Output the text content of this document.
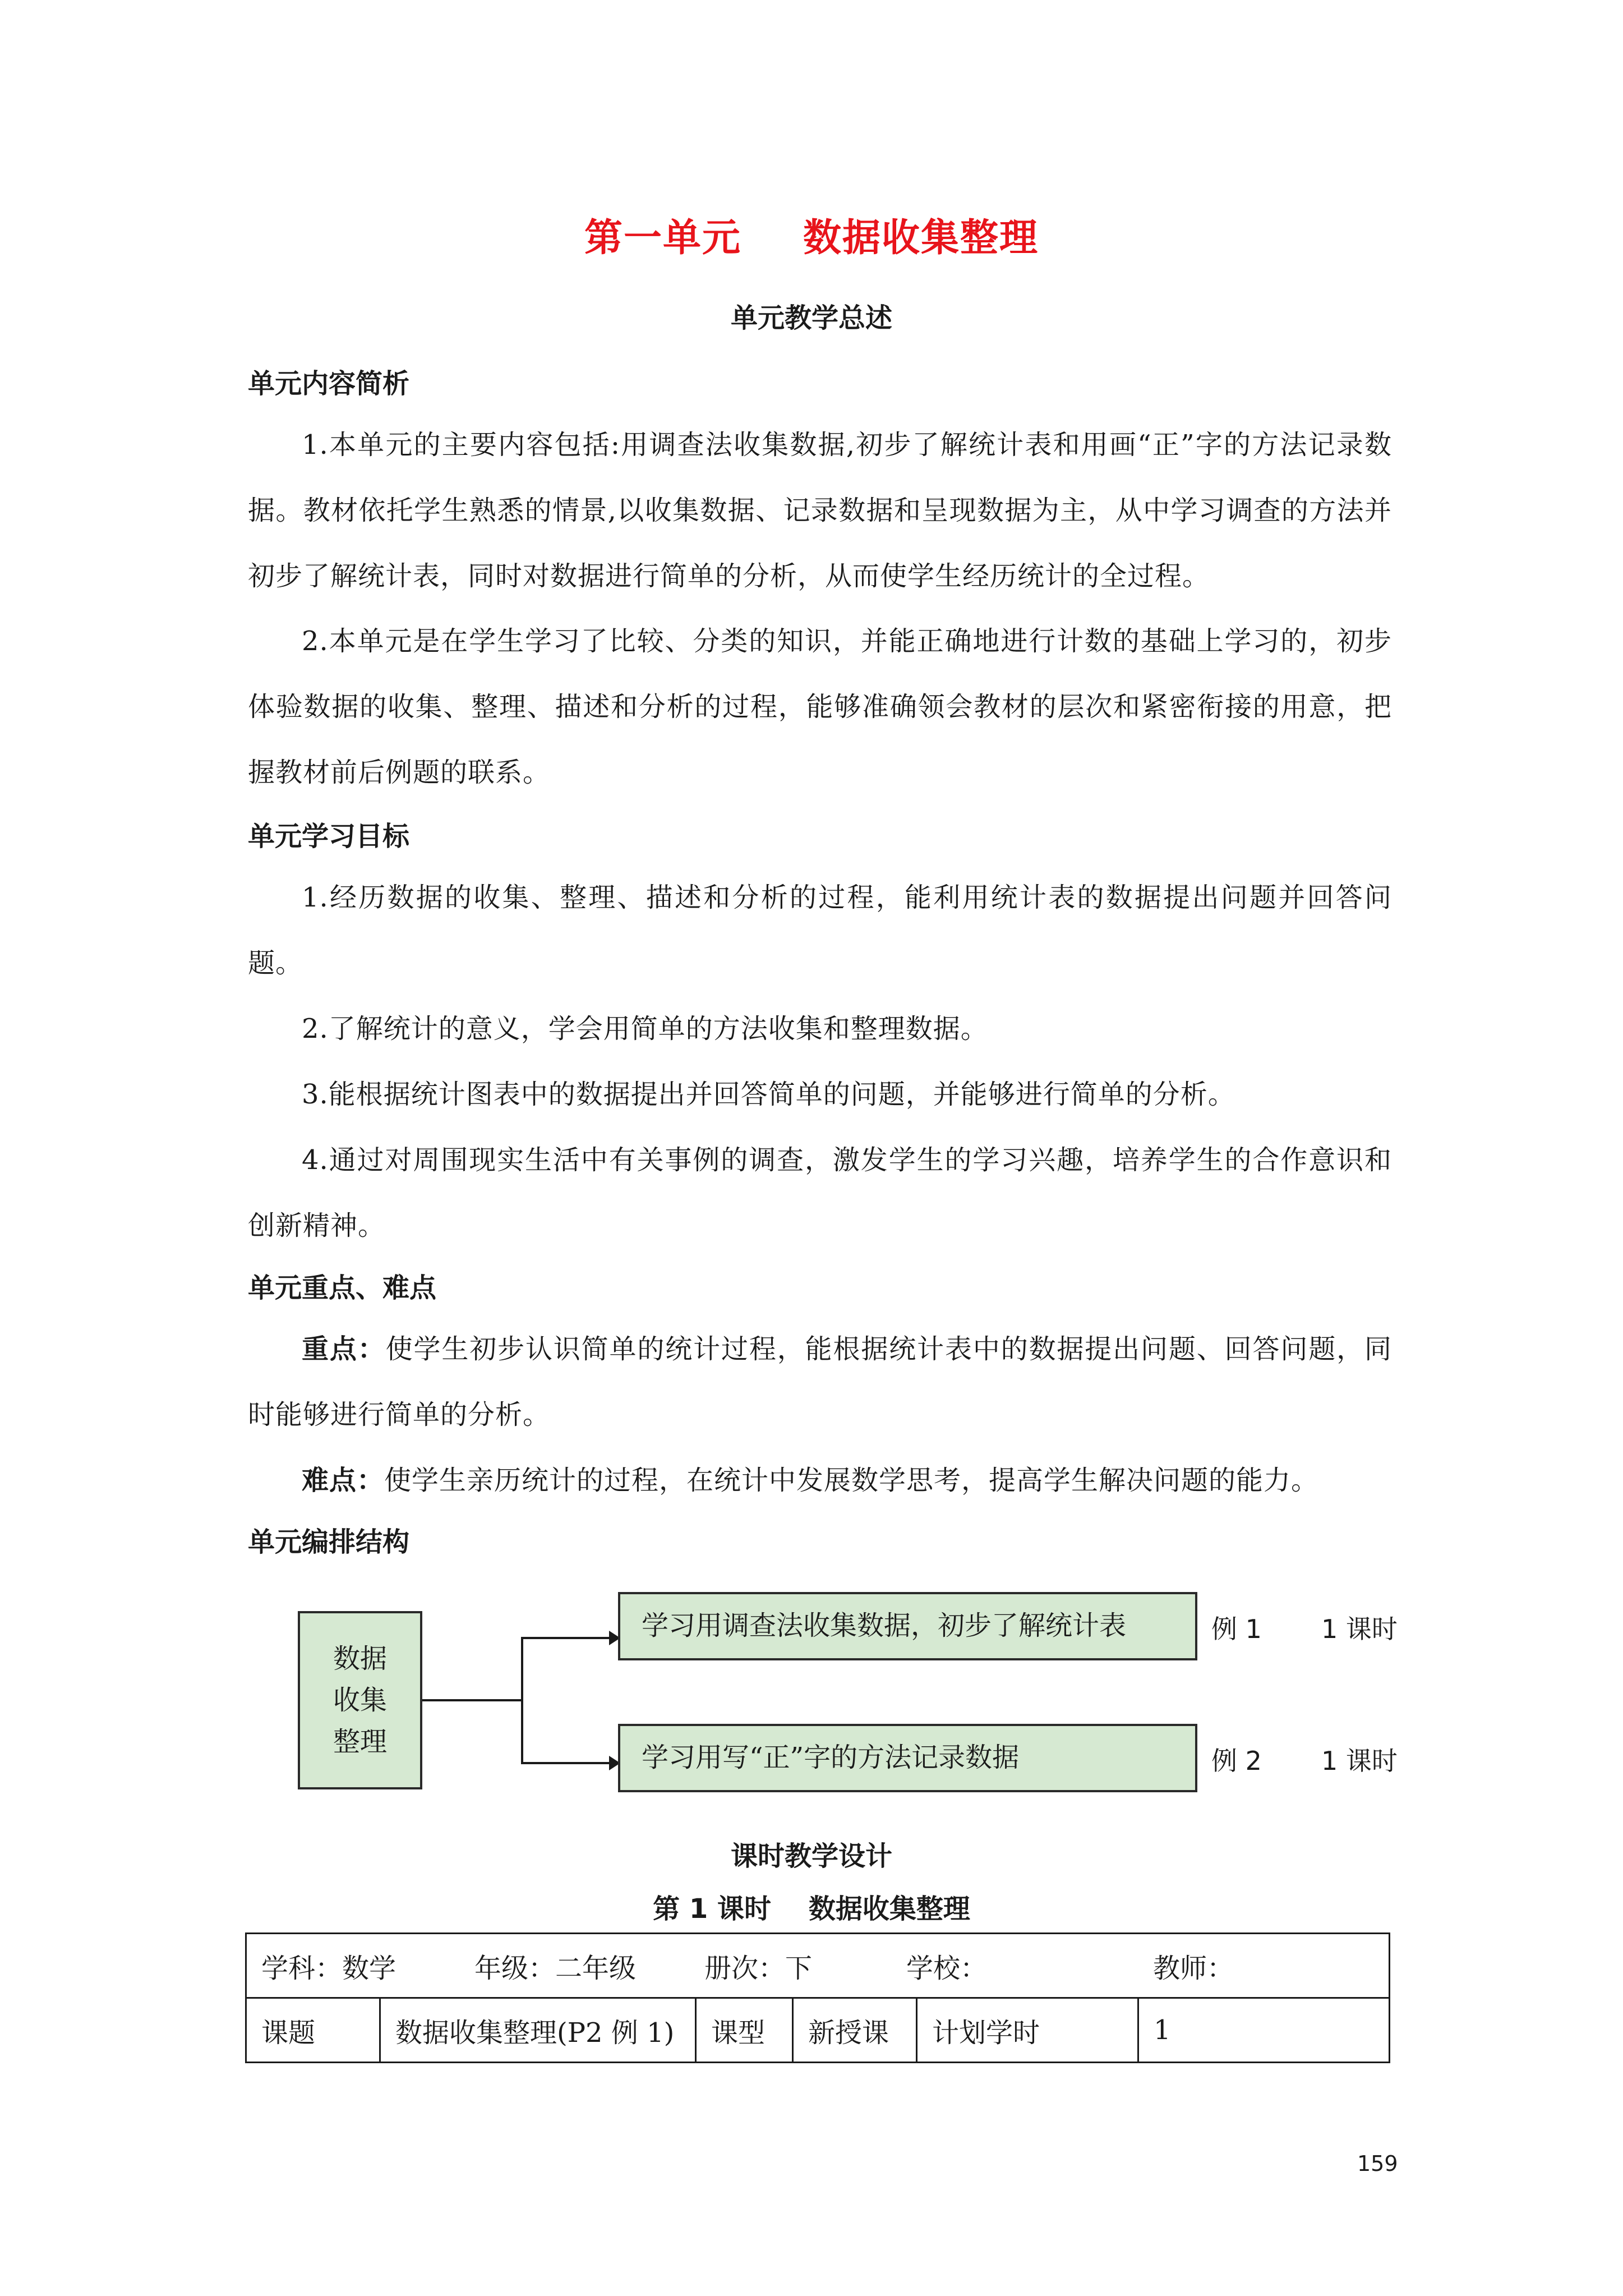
第一单元 数据收集整理
单元教学总述
单元内容简析
1.本单元的主要内容包括:用调查法收集数据,初步了解统计表和用画“正”字的方法记录数据。教材依托学生熟悉的情景,以收集数据、记录数据和呈现数据为主，从中学习调查的方法并初步了解统计表，同时对数据进行简单的分析，从而使学生经历统计的全过程。
2.本单元是在学生学习了比较、分类的知识，并能正确地进行计数的基础上学习的，初步体验数据的收集、整理、描述和分析的过程，能够准确领会教材的层次和紧密衔接的用意，把握教材前后例题的联系。
单元学习目标
1.经历数据的收集、整理、描述和分析的过程，能利用统计表的数据提出问题并回答问题。
2.了解统计的意义，学会用简单的方法收集和整理数据。
3.能根据统计图表中的数据提出并回答简单的问题，并能够进行简单的分析。
4.通过对周围现实生活中有关事例的调查，激发学生的学习兴趣，培养学生的合作意识和创新精神。
单元重点、难点
重点：使学生初步认识简单的统计过程，能根据统计表中的数据提出问题、回答问题，同时能够进行简单的分析。
难点：使学生亲历统计的过程，在统计中发展数学思考，提高学生解决问题的能力。
单元编排结构
数据
收集
整理
学习用调查法收集数据，初步了解统计表
学习用写“正”字的方法记录数据
例 1 1 课时
例 2 1 课时
课时教学设计
第 1 课时    数据收集整理
学科：数学	年级：二年级	册次：下	学校：	教师：
课题	数据收集整理(P2 例 1)	课型	新授课	计划学时	1
159
